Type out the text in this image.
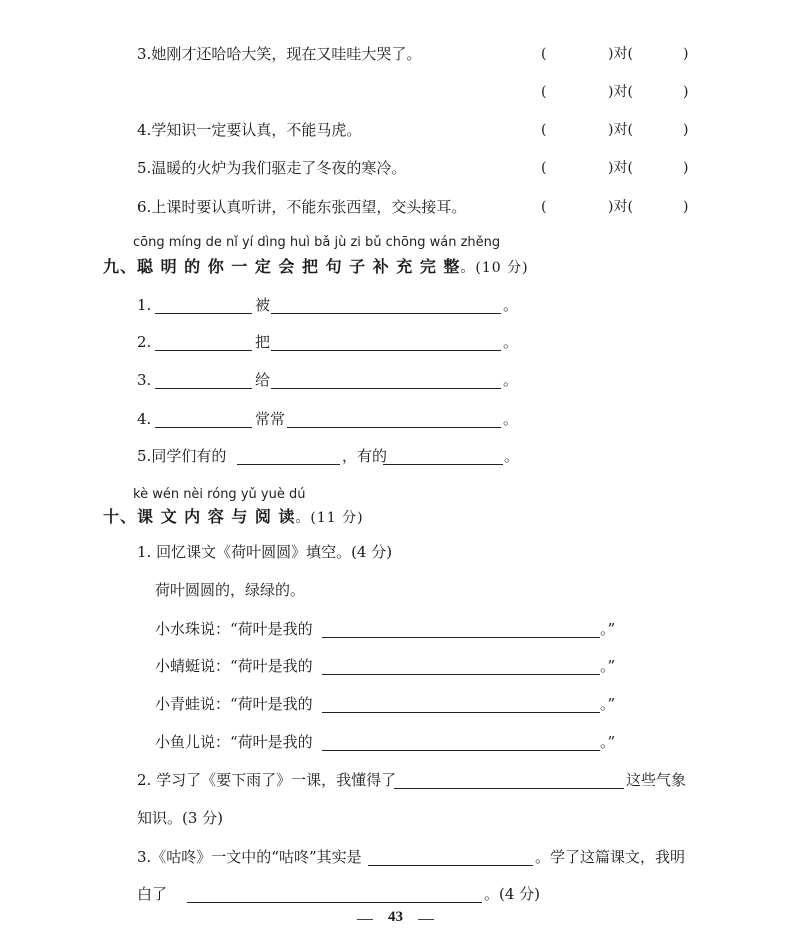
3.她刚才还哈哈大笑，现在又哇哇大哭了。	(	)对(	)
(	)对(	)
4.学知识一定要认真，不能马虎。	(	)对(	)
5.温暖的火炉为我们驱走了冬夜的寒冷。	(	)对(	)
6.上课时要认真听讲，不能东张西望，交头接耳。	(	)对(	)
cōng míng de nǐ yí dìng huì bǎ jù zi bǔ chōng wán zhěng
九、聪 明 的 你 一 定 会 把 句 子 补 充 完 整。(10 分)
1.	被	。
2.	把	。
3.	给	。
4.	常常	。
5.同学们有的	，有的	。
kè wén nèi róng yǔ yuè dú
十、课 文 内 容 与 阅 读。(11 分)
1. 回忆课文《荷叶圆圆》填空。(4 分)
荷叶圆圆的，绿绿的。
小水珠说：“荷叶是我的	。”
小蜻蜓说：“荷叶是我的	。”
小青蛙说：“荷叶是我的	。”
小鱼儿说：“荷叶是我的	。”
2. 学习了《要下雨了》一课，我懂得了	这些气象
知识。(3 分)
3.《咕咚》一文中的“咕咚”其实是	。学了这篇课文，我明
白了	。(4 分)
43
